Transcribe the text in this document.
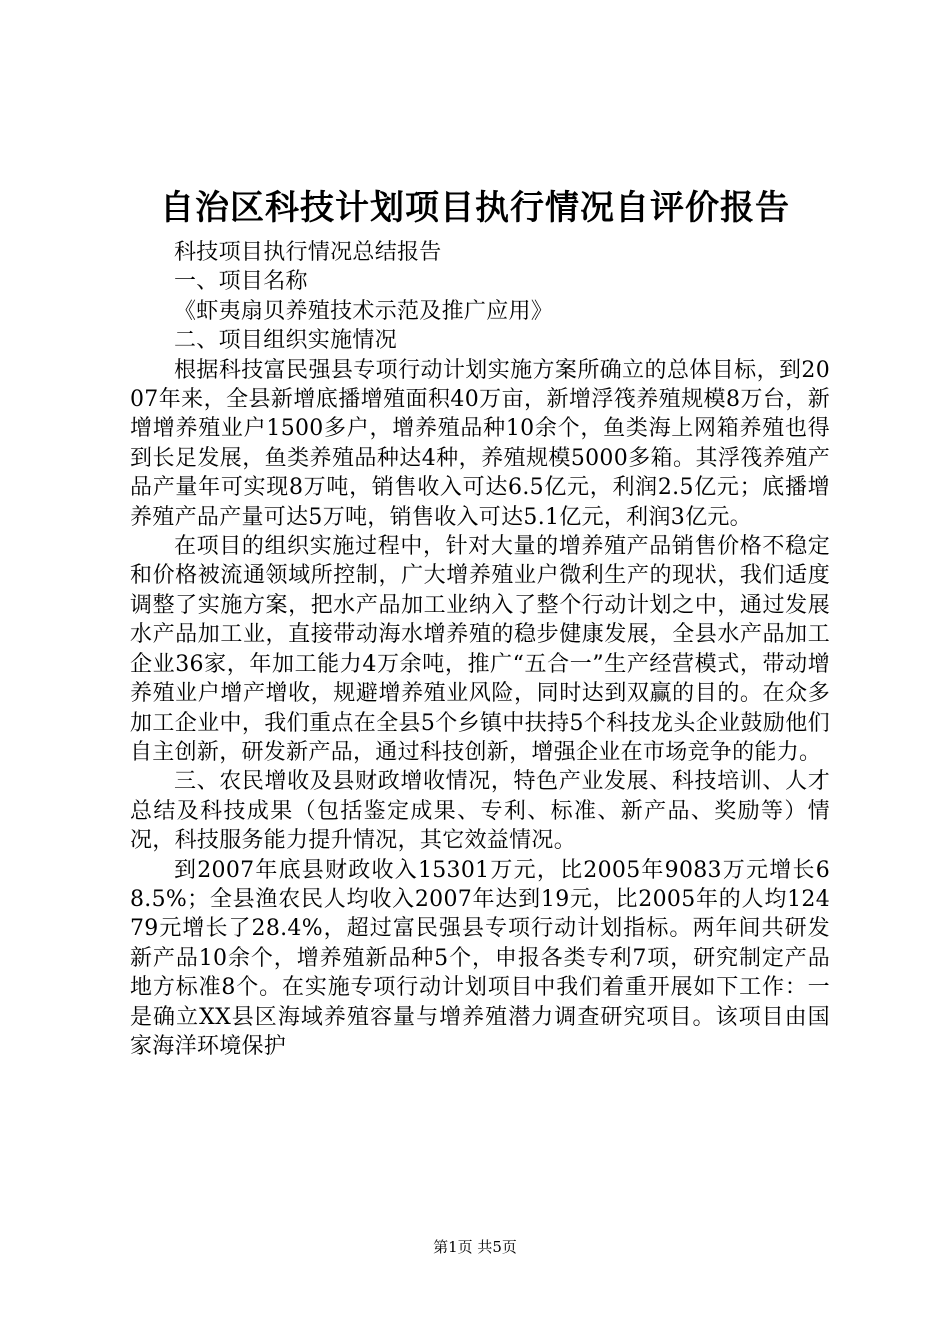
自治区科技计划项目执行情况自评价报告

科技项目执行情况总结报告

一、项目名称

《虾夷扇贝养殖技术示范及推广应用》

二、项目组织实施情况

根据科技富民强县专项行动计划实施方案所确立的总体目标，到2007年来，全县新增底播增殖面积40万亩，新增浮筏养殖规模8万台，新增增养殖业户1500多户，增养殖品种10余个，鱼类海上网箱养殖也得到长足发展，鱼类养殖品种达4种，养殖规模5000多箱。其浮筏养殖产品产量年可实现8万吨，销售收入可达6.5亿元，利润2.5亿元；底播增养殖产品产量可达5万吨，销售收入可达5.1亿元，利润3亿元。

在项目的组织实施过程中，针对大量的增养殖产品销售价格不稳定和价格被流通领域所控制，广大增养殖业户微利生产的现状，我们适度调整了实施方案，把水产品加工业纳入了整个行动计划之中，通过发展水产品加工业，直接带动海水增养殖的稳步健康发展，全县水产品加工企业36家，年加工能力4万余吨，推广“五合一”生产经营模式，带动增养殖业户增产增收，规避增养殖业风险，同时达到双赢的目的。在众多加工企业中，我们重点在全县5个乡镇中扶持5个科技龙头企业鼓励他们自主创新，研发新产品，通过科技创新，增强企业在市场竞争的能力。

三、农民增收及县财政增收情况，特色产业发展、科技培训、人才总结及科技成果（包括鉴定成果、专利、标准、新产品、奖励等）情况，科技服务能力提升情况，其它效益情况。

到2007年底县财政收入15301万元，比2005年9083万元增长68.5%；全县渔农民人均收入2007年达到19元，比2005年的人均12479元增长了28.4%，超过富民强县专项行动计划指标。两年间共研发新产品10余个，增养殖新品种5个，申报各类专利7项，研究制定产品地方标准8个。在实施专项行动计划项目中我们着重开展如下工作：一是确立XX县区海域养殖容量与增养殖潜力调查研究项目。该项目由国家海洋环境保护

第1页 共5页
